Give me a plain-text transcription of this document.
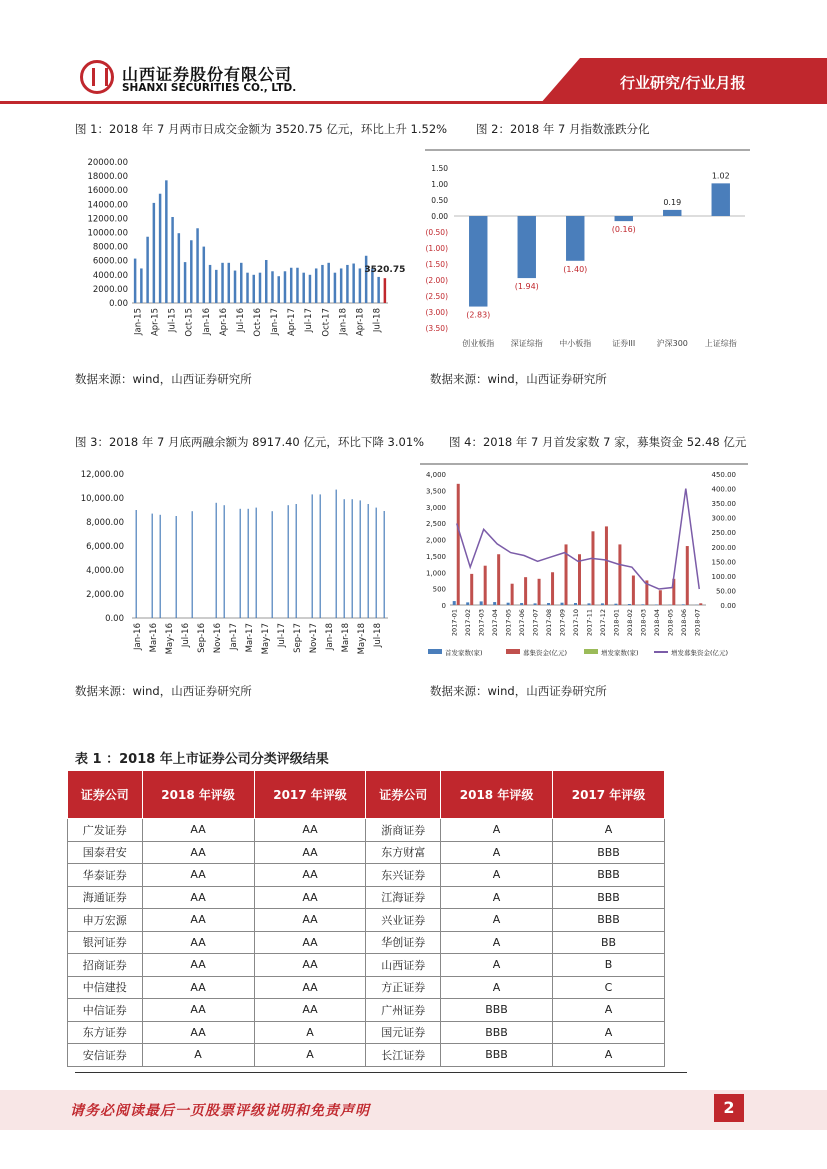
山西证券股份有限公司
SHANXI SECURITIES CO., LTD.	行业研究/行业月报
图 1：2018 年 7 月两市日成交金额为 3520.75 亿元，环比上升 1.52%	图 2：2018 年 7 月指数涨跌分化
20000.00
18000.00
16000.00
14000.00
12000.00
10000.00
8000.00
6000.00
4000.00
2000.00
0.00
3520.75
Jan-15 Apr-15 Jul-15 Oct-15 Jan-16 Apr-16 Jul-16 Oct-16 Jan-17 Apr-17 Jul-17 Oct-17 Jan-18 Apr-18 Jul-18
1.50
1.00
0.50
0.00
(0.50)
(1.00)
(1.50)
(2.00)
(2.50)
(3.00)
(3.50)
(2.83)
创业板指
(1.94)
深证综指
(1.40)
中小板指
(0.16)
证券III
0.19
沪深300
1.02
上证综指
数据来源：wind，山西证券研究所	数据来源：wind，山西证券研究所
图 3：2018 年 7 月底两融余额为 8917.40 亿元，环比下降 3.01% 图 4：2018 年 7 月首发家数 7 家，募集资金 52.48 亿元
12,000.00
10,000.00
8,000.00
6,000.00
4,000.00
2,000.00
0.00
Jan-16 Mar-16 May-16 Jul-16 Sep-16 Nov-16 Jan-17 Mar-17 May-17 Jul-17 Sep-17 Nov-17 Jan-18 Mar-18 May-18 Jul-18
4,000
3,500
3,000
2,500
2,000
1,500
1,000
500
0
450.00
400.00
350.00
300.00
250.00
200.00
150.00
100.00
50.00
0.00
2017-01 2017-02 2017-03 2017-04 2017-05 2017-06 2017-07 2017-08 2017-09 2017-10 2017-11 2017-12 2018-01 2018-02 2018-03 2018-04 2018-05 2018-06 2018-07
首发家数(家)	募集资金(亿元)	增发家数(家)	增发募集资金(亿元)
数据来源：wind，山西证券研究所	数据来源：wind，山西证券研究所
表 1 ：2018 年上市证券公司分类评级结果
证券公司	2018 年评级	2017 年评级	证券公司	2018 年评级	2017 年评级
广发证券	AA	AA	浙商证券	A	A
国泰君安	AA	AA	东方财富	A	BBB
华泰证券	AA	AA	东兴证券	A	BBB
海通证券	AA	AA	江海证券	A	BBB
申万宏源	AA	AA	兴业证券	A	BBB
银河证券	AA	AA	华创证券	A	BB
招商证券	AA	AA	山西证券	A	B
中信建投	AA	AA	方正证券	A	C
中信证券	AA	AA	广州证券	BBB	A
东方证券	AA	A	国元证券	BBB	A
安信证券	A	A	长江证券	BBB	A
请务必阅读最后一页股票评级说明和免责声明	2
